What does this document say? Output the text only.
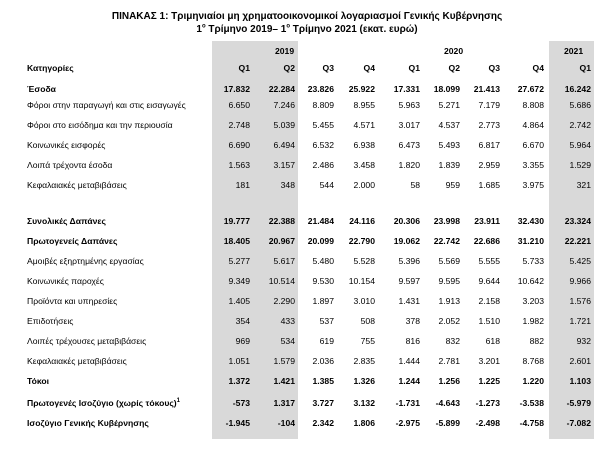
ΠΙΝΑΚΑΣ 1: Τριμηνιαίοι μη χρηματοοικονομικοί λογαριασμοί Γενικής Κυβέρνησης
$1^o$ Τρίμηνο 2019– $1^o$ Τρίμηνο 2021 (εκατ. ευρώ)
2019	2020	2021
Κατηγορίες	Q1	Q2	Q3	Q4	Q1	Q2	Q3	Q4	Q1
Έσοδα	17.832 22.284 23.826 25.922 17.331 18.099 21.413 27.672 16.242
Φόροι στην παραγωγή και στις εισαγωγές	6.650	7.246 8.809 8.955	5.963 5.271 7.179	8.808	5.686
Φόροι στο εισόδημα και την περιουσία	2.748	5.039 5.455 4.571	3.017 4.537 2.773	4.864	2.742
Κοινωνικές εισφορές	6.690	6.494 6.532 6.938	6.473 5.493 6.817	6.670	5.964
Λοιπά τρέχοντα έσοδα	1.563	3.157 2.486 3.458	1.820 1.839 2.959	3.355	1.529
Κεφαλαιακές μεταβιβάσεις	181	348	544 2.000	58	959 1.685	3.975	321
Συνολικές Δαπάνες	19.777 22.388 21.484 24.116 20.306 23.998 23.911 32.430 23.324
Πρωτογενείς Δαπάνες	18.405 20.967 20.099 22.790 19.062 22.742 22.686 31.210 22.221
Αμοιβές εξηρτημένης εργασίας	5.277	5.617 5.480 5.528	5.396 5.569 5.555	5.733	5.425
Κοινωνικές παροχές	9.349 10.514 9.530 10.154	9.597 9.595 9.644 10.642	9.966
Προϊόντα και υπηρεσίες	1.405	2.290 1.897 3.010	1.431 1.913 2.158	3.203	1.576
Επιδοτήσεις	354	433	537	508	378 2.052 1.510	1.982	1.721
Λοιπές τρέχουσες μεταβιβάσεις	969	534	619	755	816	832	618	882	932
Κεφαλαιακές μεταβιβάσεις	1.051	1.579 2.036 2.835	1.444 2.781 3.201	8.768	2.601
Τόκοι	1.372	1.421 1.385 1.326	1.244 1.256 1.225	1.220	1.103
Πρωτογενές Ισοζύγιο (χωρίς τόκους)$^1$	-573	1.317 3.727 3.132 -1.731 -4.643 -1.273 -3.538	-5.979
Ισοζύγιο Γενικής Κυβέρνησης	-1.945	-104 2.342 1.806 -2.975 -5.899 -2.498 -4.758	-7.082
